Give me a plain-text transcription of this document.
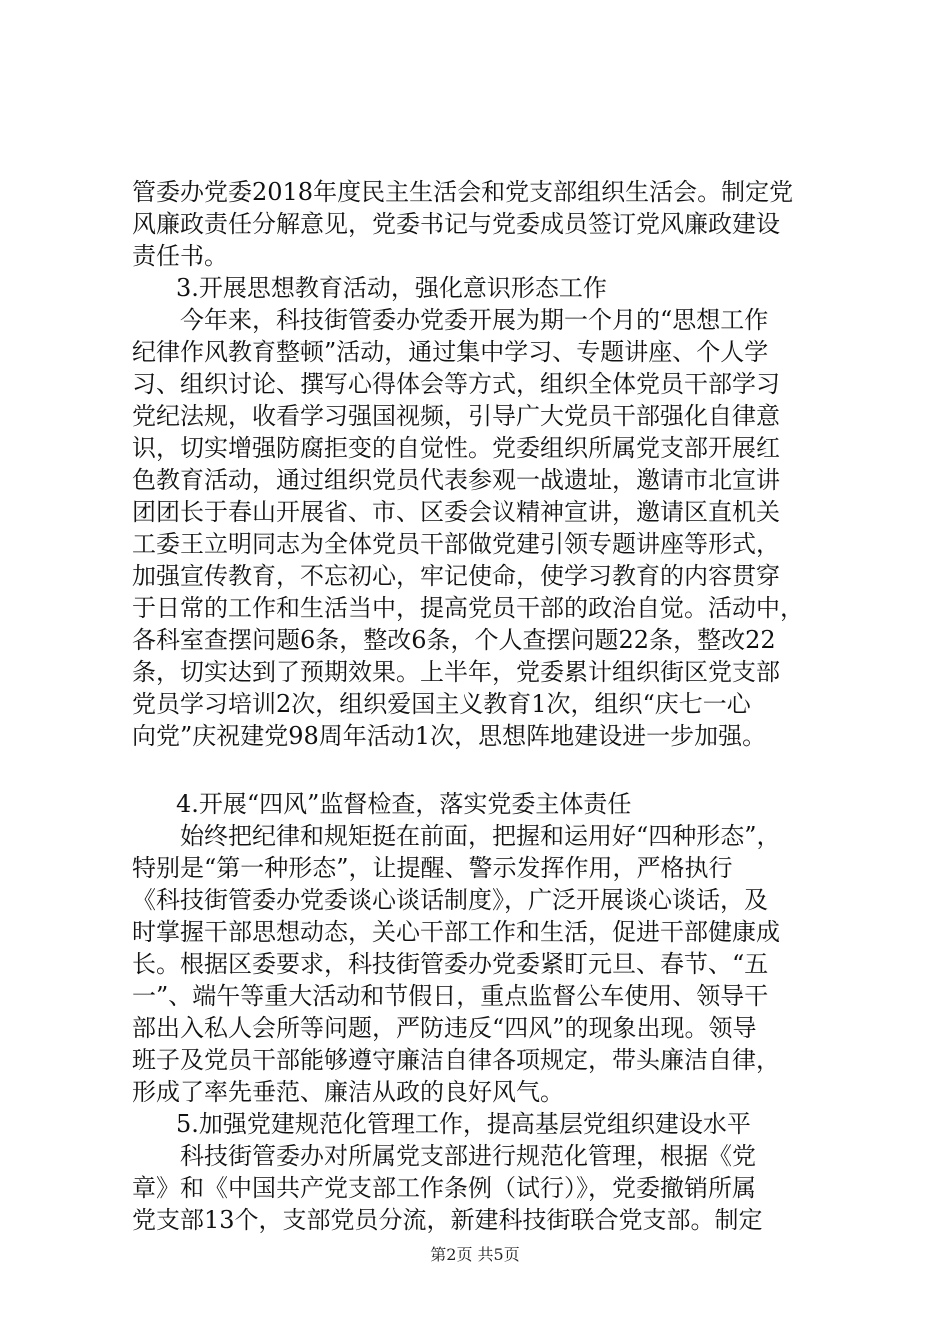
管委办党委2018年度民主生活会和党支部组织生活会。制定党
风廉政责任分解意见，党委书记与党委成员签订党风廉政建设
责任书。
3.开展思想教育活动，强化意识形态工作
今年来，科技街管委办党委开展为期一个月的“思想工作
纪律作风教育整顿”活动，通过集中学习、专题讲座、个人学
习、组织讨论、撰写心得体会等方式，组织全体党员干部学习
党纪法规，收看学习强国视频，引导广大党员干部强化自律意
识，切实增强防腐拒变的自觉性。党委组织所属党支部开展红
色教育活动，通过组织党员代表参观一战遗址，邀请市北宣讲
团团长于春山开展省、市、区委会议精神宣讲，邀请区直机关
工委王立明同志为全体党员干部做党建引领专题讲座等形式，
加强宣传教育，不忘初心，牢记使命，使学习教育的内容贯穿
于日常的工作和生活当中，提高党员干部的政治自觉。活动中，
各科室查摆问题6条，整改6条，个人查摆问题22条，整改22
条，切实达到了预期效果。上半年，党委累计组织街区党支部
党员学习培训2次，组织爱国主义教育1次，组织“庆七一心
向党”庆祝建党98周年活动1次，思想阵地建设进一步加强。
4.开展“四风”监督检查，落实党委主体责任
始终把纪律和规矩挺在前面，把握和运用好“四种形态”，
特别是“第一种形态”，让提醒、警示发挥作用，严格执行
《科技街管委办党委谈心谈话制度》，广泛开展谈心谈话，及
时掌握干部思想动态，关心干部工作和生活，促进干部健康成
长。根据区委要求，科技街管委办党委紧盯元旦、春节、“五
一”、端午等重大活动和节假日，重点监督公车使用、领导干
部出入私人会所等问题，严防违反“四风”的现象出现。领导
班子及党员干部能够遵守廉洁自律各项规定，带头廉洁自律，
形成了率先垂范、廉洁从政的良好风气。
5.加强党建规范化管理工作，提高基层党组织建设水平
科技街管委办对所属党支部进行规范化管理，根据《党
章》和《中国共产党支部工作条例（试行）》，党委撤销所属
党支部13个，支部党员分流，新建科技街联合党支部。制定
第2页 共5页
